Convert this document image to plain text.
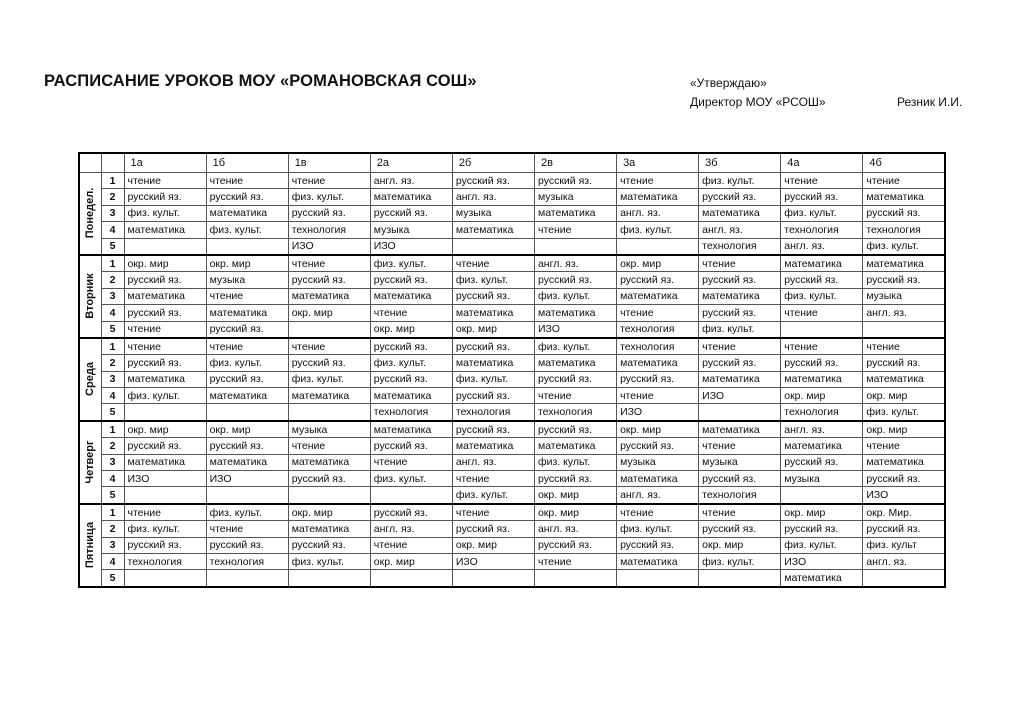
РАСПИСАНИЕ УРОКОВ МОУ «РОМАНОВСКАЯ СОШ»	«Утверждаю»
Директор МОУ «РСОШ»	Резник И.И.
		1а	1б	1в	2а	2б	2в	3а	3б	4а	4б

Понедел.	1	чтение	чтение	чтение	англ. яз.	русский яз.	русский яз.	чтение	физ. культ.	чтение	чтение
	2	русский яз.	русский яз.	физ. культ.	математика	англ. яз.	музыка	математика	русский яз.	русский яз.	математика
	3	физ. культ.	математика	русский яз.	русский яз.	музыка	математика	англ. яз.	математика	физ. культ.	русский яз.
	4	математика	физ. культ.	технология	музыка	математика	чтение	физ. культ.	англ. яз.	технология	технология
	5			ИЗО	ИЗО				технология	англ. яз.	физ. культ.

Вторник	1	окр. мир	окр. мир	чтение	физ. культ.	чтение	англ. яз.	окр. мир	чтение	математика	математика
	2	русский яз.	музыка	русский яз.	русский яз.	физ. культ.	русский яз.	русский яз.	русский яз.	русский яз.	русский яз.
	3	математика	чтение	математика	математика	русский яз.	физ. культ.	математика	математика	физ. культ.	музыка
	4	русский яз.	математика	окр. мир	чтение	математика	математика	чтение	русский яз.	чтение	англ. яз.
	5	чтение	русский яз.		окр. мир	окр. мир	ИЗО	технология	физ. культ.		

Среда	1	чтение	чтение	чтение	русский яз.	русский яз.	физ. культ.	технология	чтение	чтение	чтение
	2	русский яз.	физ. культ.	русский яз.	физ. культ.	математика	математика	математика	русский яз.	русский яз.	русский яз.
	3	математика	русский яз.	физ. культ.	русский яз.	физ. культ.	русский яз.	русский яз.	математика	математика	математика
	4	физ. культ.	математика	математика	математика	русский яз.	чтение	чтение	ИЗО	окр. мир	окр. мир
	5				технология	технология	технология	ИЗО		технология	физ. культ.

Четверг	1	окр. мир	окр. мир	музыка	математика	русский яз.	русский яз.	окр. мир	математика	англ. яз.	окр. мир
	2	русский яз.	русский яз.	чтение	русский яз.	математика	математика	русский яз.	чтение	математика	чтение
	3	математика	математика	математика	чтение	англ. яз.	физ. культ.	музыка	музыка	русский яз.	математика
	4	ИЗО	ИЗО	русский яз.	физ. культ.	чтение	русский яз.	математика	русский яз.	музыка	русский яз.
	5					физ. культ.	окр. мир	англ. яз.	технология		ИЗО

Пятница	1	чтение	физ. культ.	окр. мир	русский яз.	чтение	окр. мир	чтение	чтение	окр. мир	окр. Мир.
	2	физ. культ.	чтение	математика	англ. яз.	русский яз.	англ. яз.	физ. культ.	русский яз.	русский яз.	русский яз.
	3	русский яз.	русский яз.	русский яз.	чтение	окр. мир	русский яз.	русский яз.	окр. мир	физ. культ.	физ. культ
	4	технология	технология	физ. культ.	окр. мир	ИЗО	чтение	математика	физ. культ.	ИЗО	англ. яз.
	5									математика	
